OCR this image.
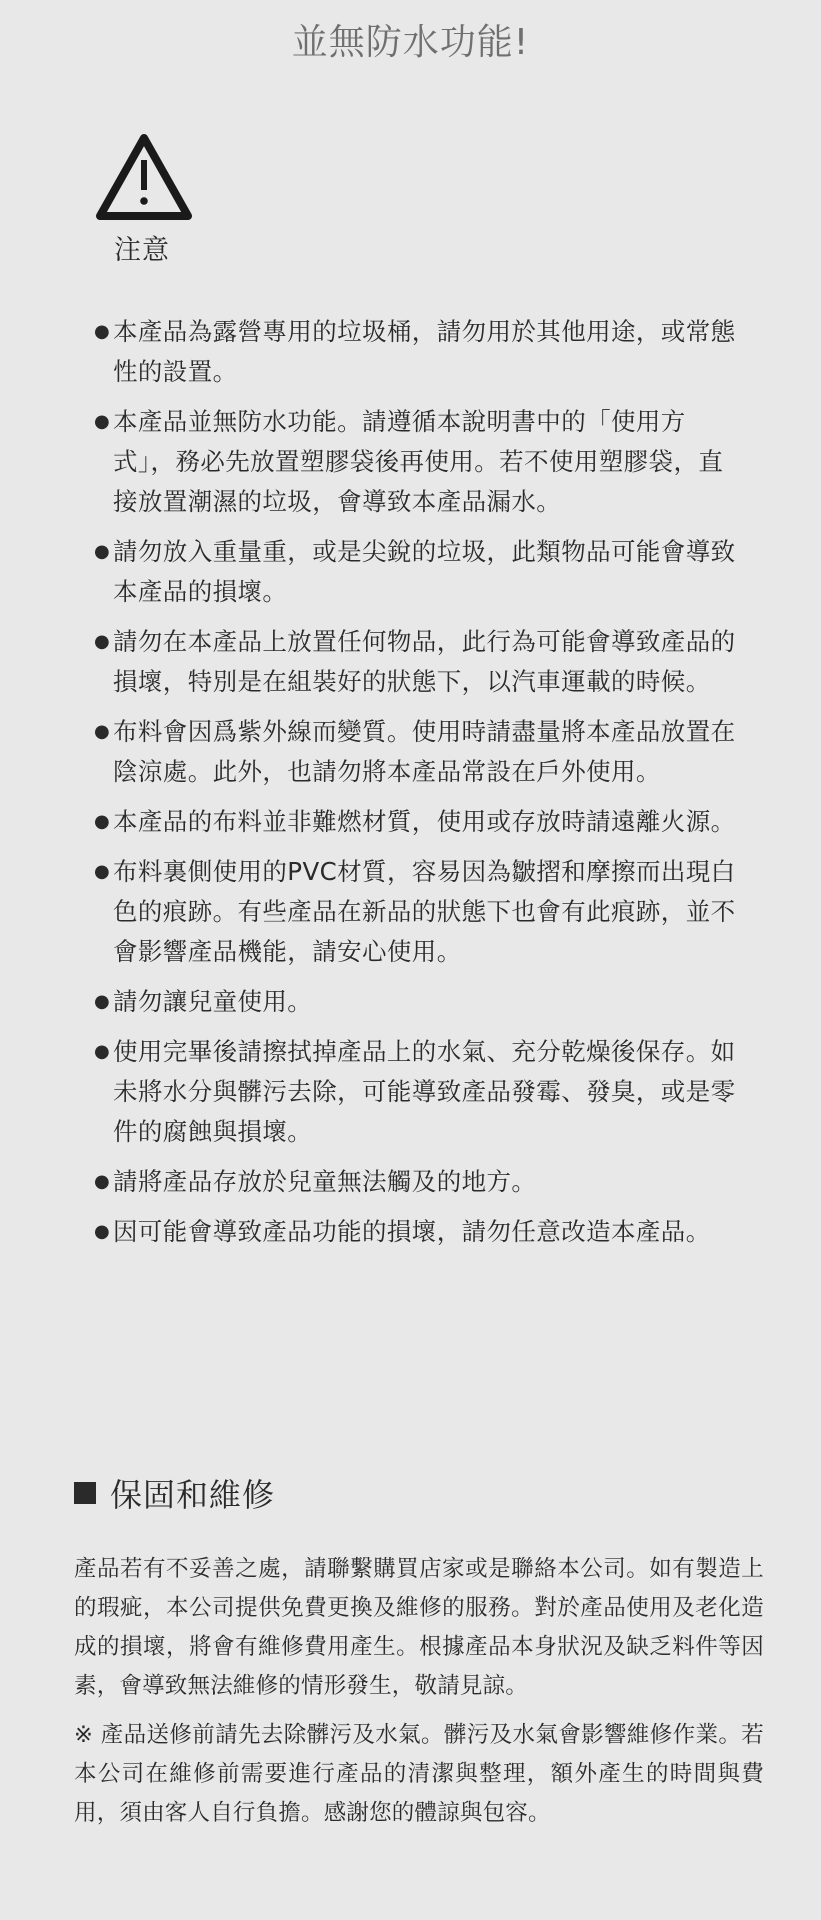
並無防水功能!
注意
● 本產品為露營專用的垃圾桶，請勿用於其他用途，或常態性的設置。
● 本產品並無防水功能。請遵循本說明書中的「使用方式」，務必先放置塑膠袋後再使用。若不使用塑膠袋，直接放置潮濕的垃圾，會導致本產品漏水。
● 請勿放入重量重，或是尖銳的垃圾，此類物品可能會導致本產品的損壞。
● 請勿在本產品上放置任何物品，此行為可能會導致產品的損壞，特別是在組裝好的狀態下，以汽車運載的時候。
● 布料會因爲紫外線而變質。使用時請盡量將本產品放置在陰涼處。此外，也請勿將本產品常設在戶外使用。
● 本產品的布料並非難燃材質，使用或存放時請遠離火源。
● 布料裏側使用的PVC材質，容易因為皺摺和摩擦而出現白色的痕跡。有些產品在新品的狀態下也會有此痕跡，並不會影響產品機能，請安心使用。
● 請勿讓兒童使用。
● 使用完畢後請擦拭掉產品上的水氣、充分乾燥後保存。如未將水分與髒污去除，可能導致產品發霉、發臭，或是零件的腐蝕與損壞。
● 請將產品存放於兒童無法觸及的地方。
● 因可能會導致產品功能的損壞，請勿任意改造本產品。
保固和維修

產品若有不妥善之處，請聯繫購買店家或是聯絡本公司。如有製造上的瑕疵，本公司提供免費更換及維修的服務。對於產品使用及老化造成的損壞，將會有維修費用產生。根據產品本身狀況及缺乏料件等因素，會導致無法維修的情形發生，敬請見諒。

※ 產品送修前請先去除髒污及水氣。髒污及水氣會影響維修作業。若本公司在維修前需要進行產品的清潔與整理，額外產生的時間與費用，須由客人自行負擔。感謝您的體諒與包容。
